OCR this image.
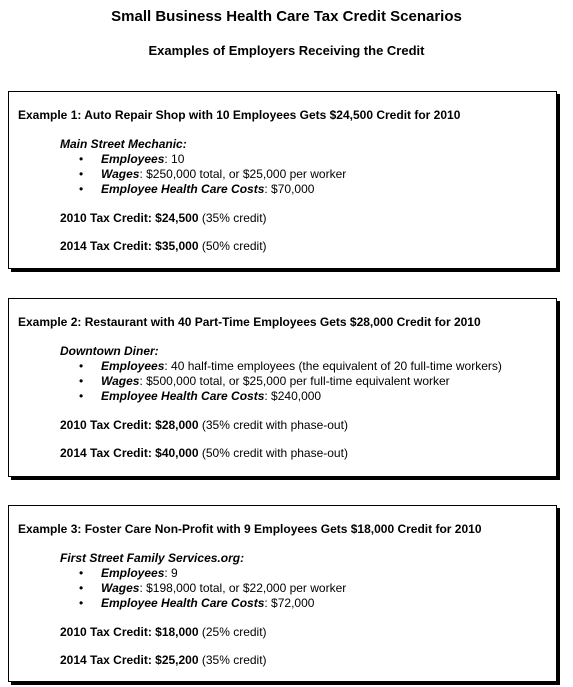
Small Business Health Care Tax Credit Scenarios
Examples of Employers Receiving the Credit
Example 1: Auto Repair Shop with 10 Employees Gets $24,500 Credit for 2010
Main Street Mechanic:
• Employees: 10
• Wages: $250,000 total, or $25,000 per worker
• Employee Health Care Costs: $70,000
2010 Tax Credit: $24,500 (35% credit)
2014 Tax Credit: $35,000 (50% credit)
Example 2: Restaurant with 40 Part-Time Employees Gets $28,000 Credit for 2010
Downtown Diner:
• Employees: 40 half-time employees (the equivalent of 20 full-time workers)
• Wages: $500,000 total, or $25,000 per full-time equivalent worker
• Employee Health Care Costs: $240,000
2010 Tax Credit: $28,000 (35% credit with phase-out)
2014 Tax Credit: $40,000 (50% credit with phase-out)
Example 3: Foster Care Non-Profit with 9 Employees Gets $18,000 Credit for 2010
First Street Family Services.org:
• Employees: 9
• Wages: $198,000 total, or $22,000 per worker
• Employee Health Care Costs: $72,000
2010 Tax Credit: $18,000 (25% credit)
2014 Tax Credit: $25,200 (35% credit)
